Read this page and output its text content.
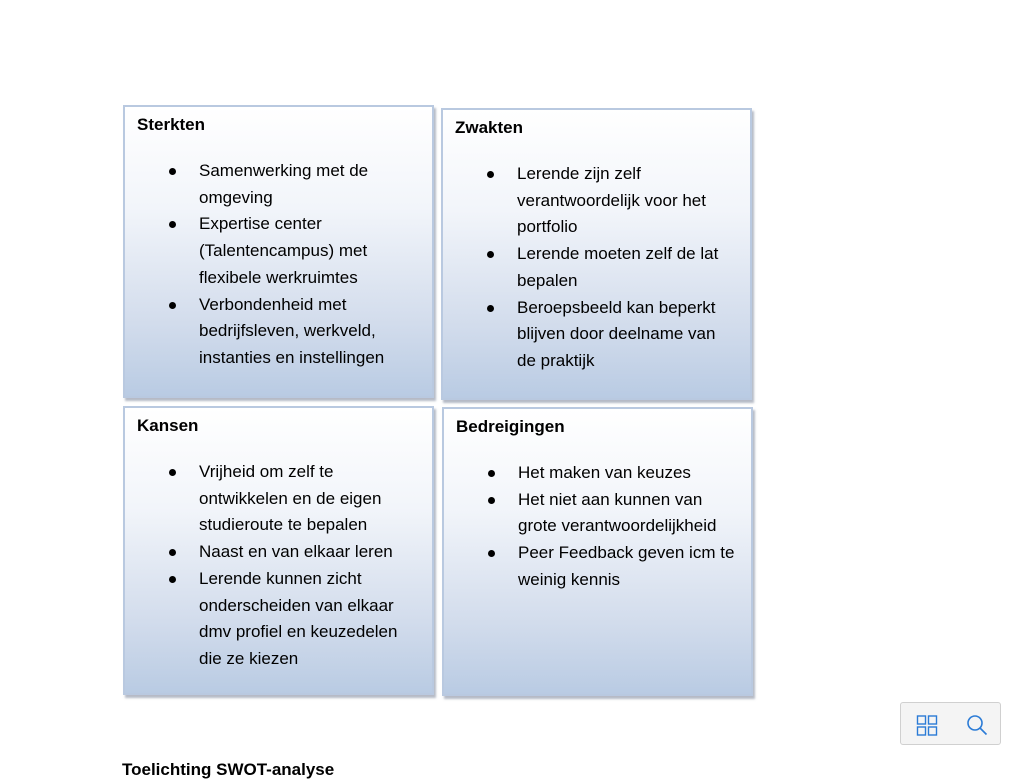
Sterkten

Samenwerking met de omgeving
Expertise center (Talentencampus) met flexibele werkruimtes
Verbondenheid met bedrijfsleven, werkveld, instanties en instellingen

Zwakten

Lerende zijn zelf verantwoordelijk voor het portfolio
Lerende moeten zelf de lat bepalen
Beroepsbeeld kan beperkt blijven door deelname van de praktijk

Kansen

Vrijheid om zelf te ontwikkelen en de eigen studieroute te bepalen
Naast en van elkaar leren
Lerende kunnen zicht onderscheiden van elkaar dmv profiel en keuzedelen die ze kiezen

Bedreigingen

Het maken van keuzes
Het niet aan kunnen van grote verantwoordelijkheid
Peer Feedback geven icm te weinig kennis
Toelichting SWOT-analyse
